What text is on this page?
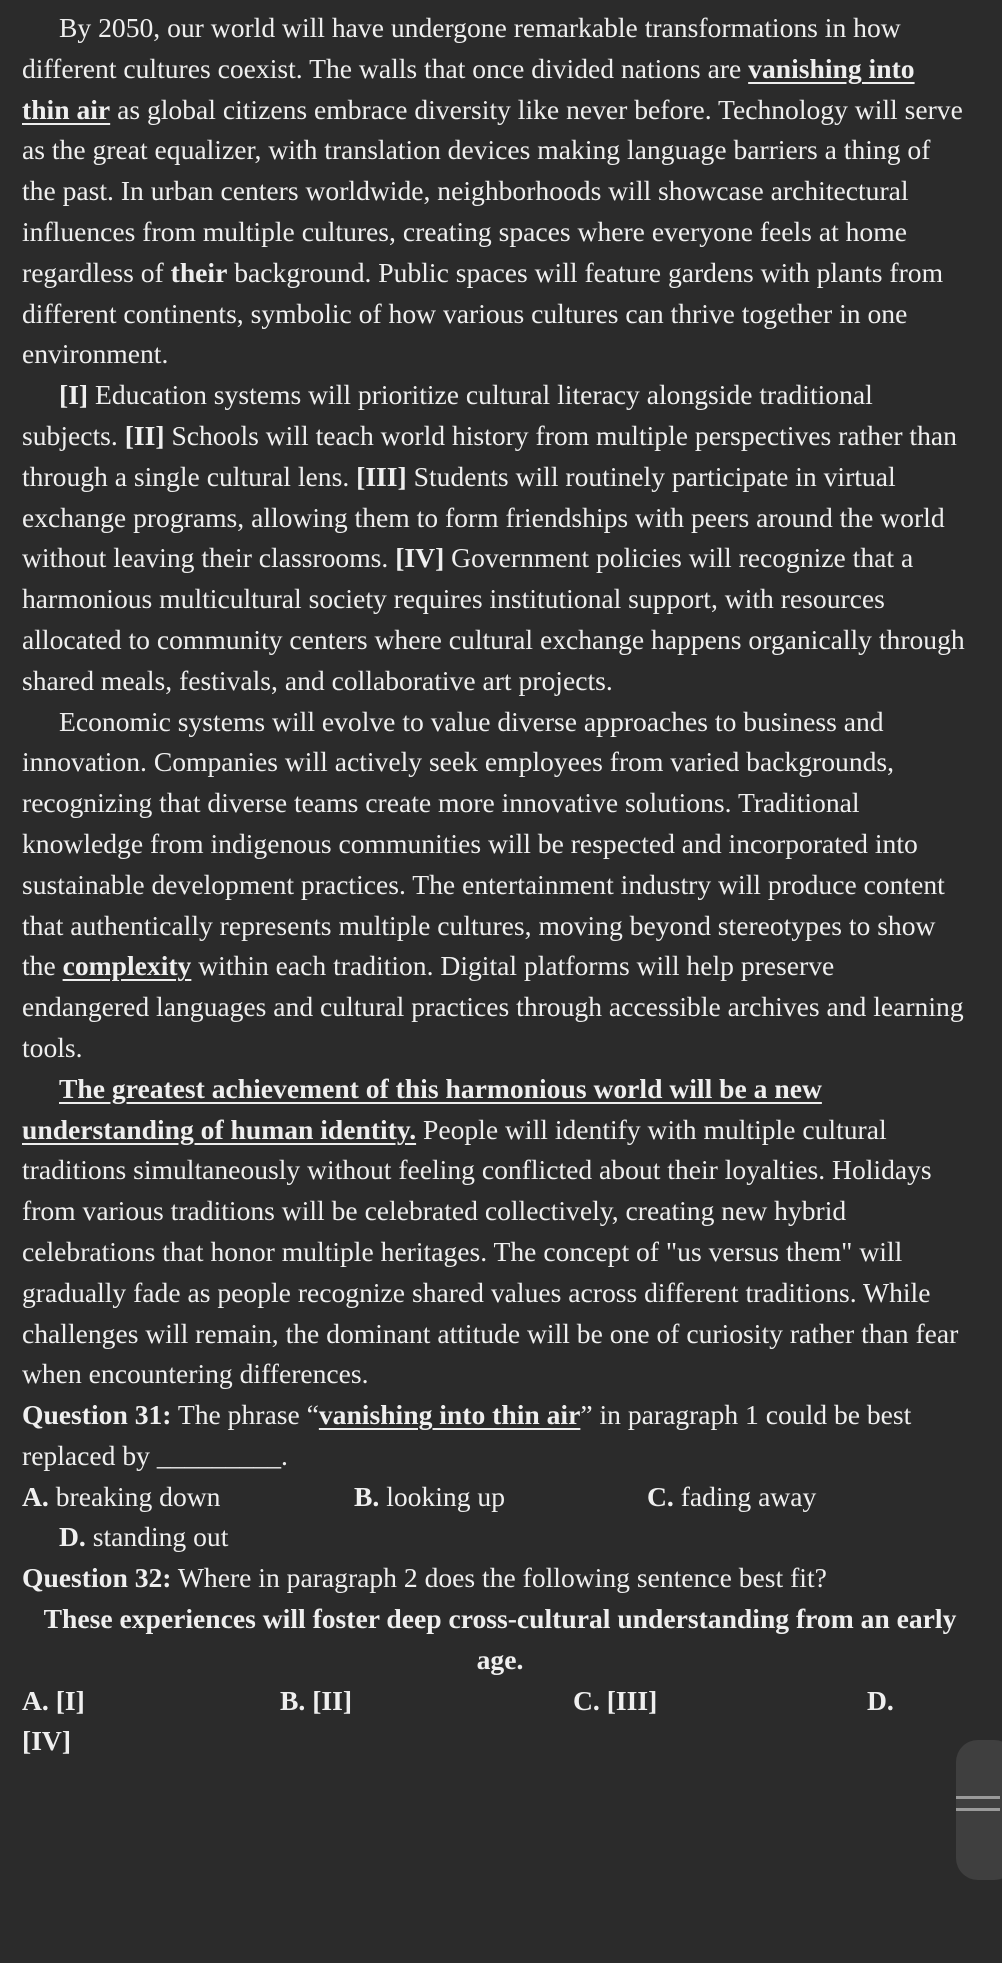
By 2050, our world will have undergone remarkable transformations in how different cultures coexist. The walls that once divided nations are vanishing into thin air as global citizens embrace diversity like never before. Technology will serve as the great equalizer, with translation devices making language barriers a thing of the past. In urban centers worldwide, neighborhoods will showcase architectural influences from multiple cultures, creating spaces where everyone feels at home regardless of their background. Public spaces will feature gardens with plants from different continents, symbolic of how various cultures can thrive together in one environment.

[I] Education systems will prioritize cultural literacy alongside traditional subjects. [II] Schools will teach world history from multiple perspectives rather than through a single cultural lens. [III] Students will routinely participate in virtual exchange programs, allowing them to form friendships with peers around the world without leaving their classrooms. [IV] Government policies will recognize that a harmonious multicultural society requires institutional support, with resources allocated to community centers where cultural exchange happens organically through shared meals, festivals, and collaborative art projects.

Economic systems will evolve to value diverse approaches to business and innovation. Companies will actively seek employees from varied backgrounds, recognizing that diverse teams create more innovative solutions. Traditional knowledge from indigenous communities will be respected and incorporated into sustainable development practices. The entertainment industry will produce content that authentically represents multiple cultures, moving beyond stereotypes to show the complexity within each tradition. Digital platforms will help preserve endangered languages and cultural practices through accessible archives and learning tools.

The greatest achievement of this harmonious world will be a new understanding of human identity. People will identify with multiple cultural traditions simultaneously without feeling conflicted about their loyalties. Holidays from various traditions will be celebrated collectively, creating new hybrid celebrations that honor multiple heritages. The concept of "us versus them" will gradually fade as people recognize shared values across different traditions. While challenges will remain, the dominant attitude will be one of curiosity rather than fear when encountering differences.

Question 31: The phrase “vanishing into thin air” in paragraph 1 could be best replaced by _________.

A. breaking down	B. looking up	C. fading away

D. standing out

Question 32: Where in paragraph 2 does the following sentence best fit?

These experiences will foster deep cross-cultural understanding from an early age.

A. [I]	B. [II]	C. [III]	D.
[IV]
